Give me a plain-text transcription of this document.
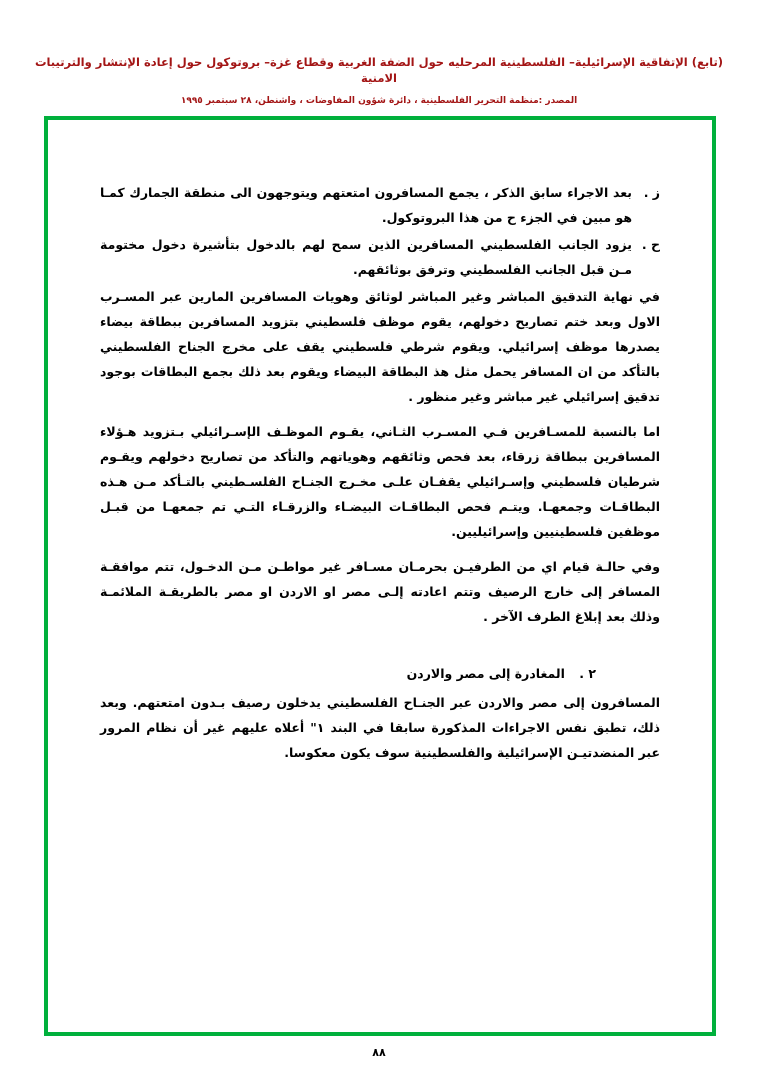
(تابع) الإتفاقية الإسرائيلية– الفلسطينية المرحليه حول الضفة الغربية وقطاع غزة– بروتوكول حول إعادة الإنتشار والترتيبات الامنية
المصدر :منظمة التحرير الفلسطينية ، دائرة شؤون المفاوضات ، واشنطن، ٢٨ سبتمبر ١٩٩٥
ز .
بعد الاجراء سابق الذكر ، يجمع المسافرون امتعتهم ويتوجهون الى منطقة الجمارك كمـا هو مبين في الجزء ح من هذا البروتوكول.
ح .
يزود الجانب الفلسطيني المسافرين الذين سمح لهم بالدخول بتأشيرة دخول مختومة مـن قبل الجانب الفلسطيني وترفق بوثائقهم.

في نهاية التدقيق المباشر وغير المباشر لوثائق وهويات المسافرين المارين عبر المسـرب الاول وبعد ختم تصاريح دخولهم، يقوم موظف فلسطيني بتزويد المسافرين ببطاقة بيضاء يصدرها موظف إسرائيلي. ويقوم شرطي فلسطيني يقف على مخرج الجناح الفلسطيني بالتأكد من ان المسافر يحمل مثل هذ البطاقة البيضاء ويقوم بعد ذلك بجمع البطاقات بوجود تدقيق إسرائيلي غير مباشر وغير منظور .

اما بالنسبة للمسـافرين فـي المسـرب الثـاني، يقـوم الموظـف الإسـرائيلي بـتزويد هـؤلاء المسافرين ببطاقة زرقاء، بعد فحص وثائقهم وهوياتهم والتأكد من تصاريح دخولهم ويقـوم شرطيان فلسطيني وإسـرائيلي يقفـان علـى مخـرج الجنـاح الفلسـطيني بالتـأكد مـن هـذه البطاقـات وجمعهـا. ويتـم فحص البطاقـات البيضـاء والزرقـاء التـي تم جمعهـا من قبـل موظفين فلسطينيين وإسرائيليين.

وفي حالـة قيام اي من الطرفيـن بحرمـان مسـافر غير مواطـن مـن الدخـول، تتم موافقـة المسافر إلى خارج الرصيف وتتم اعادته إلـى مصر او الاردن او مصر بالطريقـة الملائمـة وذلك بعد إبلاغ الطرف الآخر .

٢ . المغادرة إلى مصر والاردن

المسافرون إلى مصر والاردن عبر الجنـاح الفلسطيني يدخلون رصيف بـدون امتعتهم. وبعد ذلك، تطبق نفس الاجراءات المذكورة سابقا في البند ١" أعلاه عليهم غير أن نظام المرور عبر المنضدتيـن الإسرائيلية والفلسطينية سوف يكون معكوسا.

٨٨
